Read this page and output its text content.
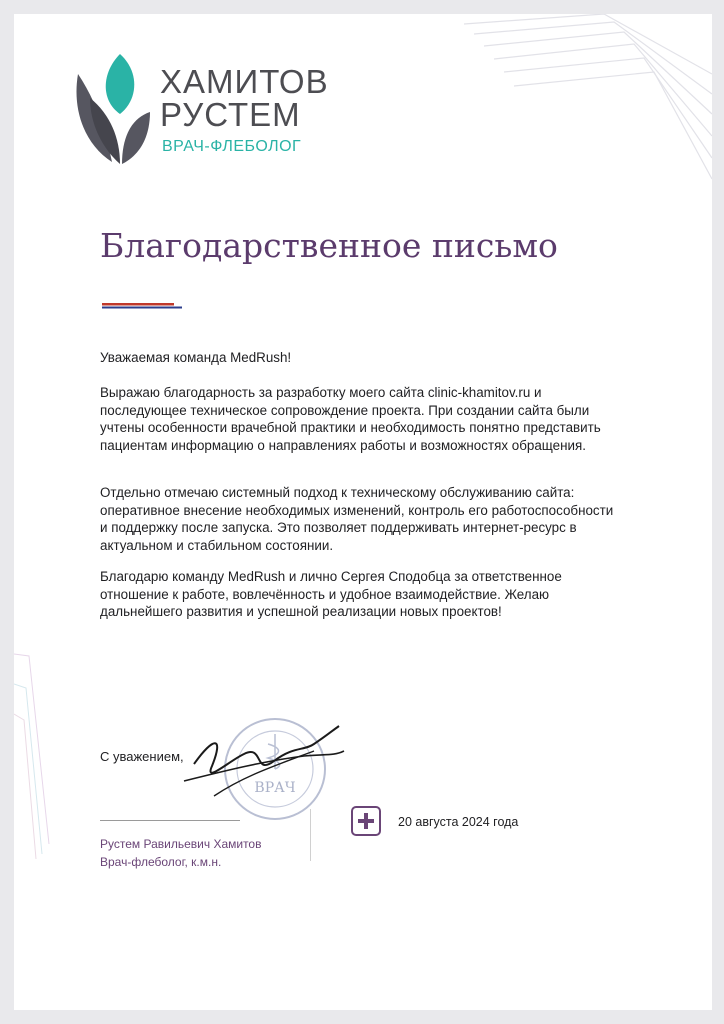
ХАМИТОВ
РУСТЕМ
ВРАЧ-ФЛЕБОЛОГ
Благодарственное письмо

Уважаемая команда MedRush!

Выражаю благодарность за разработку моего сайта clinic-khamitov.ru и последующее техническое сопровождение проекта. При создании сайта были учтены особенности врачебной практики и необходимость понятно представить пациентам информацию о направлениях работы и возможностях обращения.

Отдельно отмечаю системный подход к техническому обслуживанию сайта: оперативное внесение необходимых изменений, контроль его работоспособности и поддержку после запуска. Это позволяет поддерживать интернет-ресурс в актуальном и стабильном состоянии.

Благодарю команду MedRush и лично Сергея Сподобца за ответственное отношение к работе, вовлечённость и удобное взаимодействие. Желаю дальнейшего развития и успешной реализации новых проектов!

С уважением,
ВРАЧ
Рустем Равильевич Хамитов
Врач-флеболог, к.м.н.
20 августа 2024 года
